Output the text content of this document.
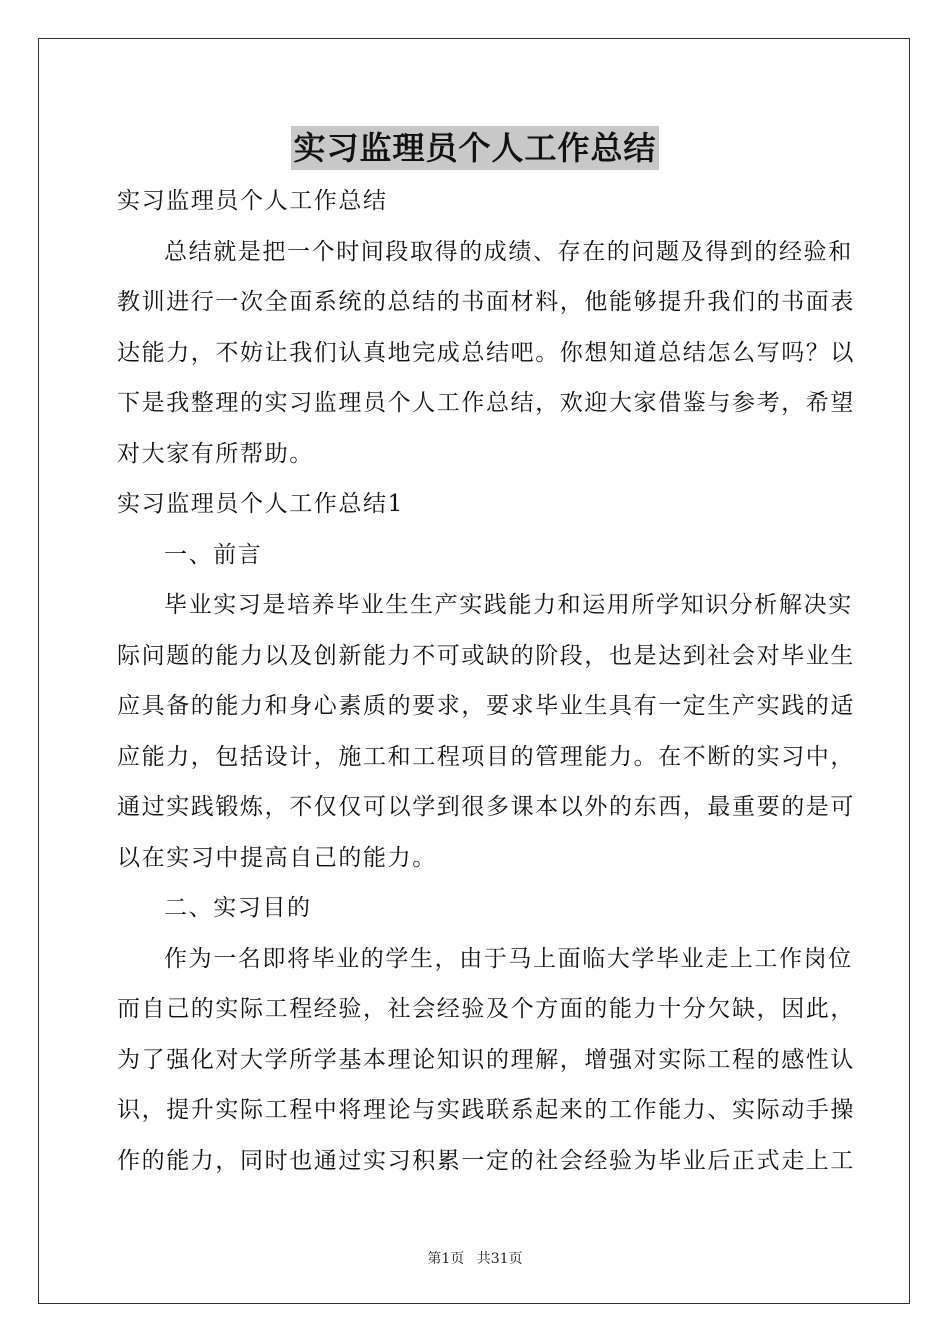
实习监理员个人工作总结
实习监理员个人工作总结
总结就是把一个时间段取得的成绩、存在的问题及得到的经验和
教训进行一次全面系统的总结的书面材料，他能够提升我们的书面表
达能力，不妨让我们认真地完成总结吧。你想知道总结怎么写吗？以
下是我整理的实习监理员个人工作总结，欢迎大家借鉴与参考，希望
对大家有所帮助。
实习监理员个人工作总结1
一、前言
毕业实习是培养毕业生生产实践能力和运用所学知识分析解决实
际问题的能力以及创新能力不可或缺的阶段，也是达到社会对毕业生
应具备的能力和身心素质的要求，要求毕业生具有一定生产实践的适
应能力，包括设计，施工和工程项目的管理能力。在不断的实习中，
通过实践锻炼，不仅仅可以学到很多课本以外的东西，最重要的是可
以在实习中提高自己的能力。
二、实习目的
作为一名即将毕业的学生，由于马上面临大学毕业走上工作岗位
而自己的实际工程经验，社会经验及个方面的能力十分欠缺，因此，
为了强化对大学所学基本理论知识的理解，增强对实际工程的感性认
识，提升实际工程中将理论与实践联系起来的工作能力、实际动手操
作的能力，同时也通过实习积累一定的社会经验为毕业后正式走上工
第1页 共31页
